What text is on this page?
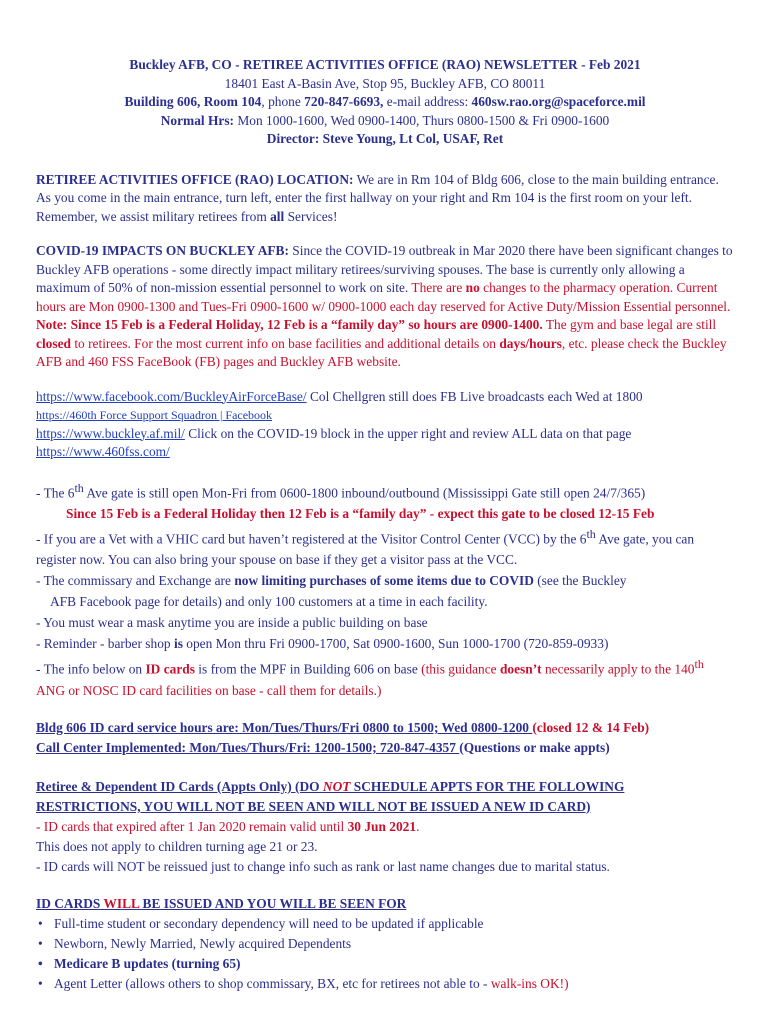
Buckley AFB, CO - RETIREE ACTIVITIES OFFICE (RAO) NEWSLETTER - Feb 2021
18401 East A-Basin Ave, Stop 95, Buckley AFB, CO 80011
Building 606, Room 104, phone 720-847-6693, e-mail address: 460sw.rao.org@spaceforce.mil
Normal Hrs: Mon 1000-1600, Wed 0900-1400, Thurs 0800-1500 & Fri 0900-1600
Director: Steve Young, Lt Col, USAF, Ret

RETIREE ACTIVITIES OFFICE (RAO) LOCATION: We are in Rm 104 of Bldg 606, close to the main building entrance. As you come in the main entrance, turn left, enter the first hallway on your right and Rm 104 is the first room on your left. Remember, we assist military retirees from all Services!

COVID-19 IMPACTS ON BUCKLEY AFB: Since the COVID-19 outbreak in Mar 2020 there have been significant changes to Buckley AFB operations - some directly impact military retirees/surviving spouses. The base is currently only allowing a maximum of 50% of non-mission essential personnel to work on site. There are no changes to the pharmacy operation. Current hours are Mon 0900-1300 and Tues-Fri 0900-1600 w/ 0900-1000 each day reserved for Active Duty/Mission Essential personnel. Note: Since 15 Feb is a Federal Holiday, 12 Feb is a “family day” so hours are 0900-1400. The gym and base legal are still closed to retirees. For the most current info on base facilities and additional details on days/hours, etc. please check the Buckley AFB and 460 FSS FaceBook (FB) pages and Buckley AFB website.

https://www.facebook.com/BuckleyAirForceBase/ Col Chellgren still does FB Live broadcasts each Wed at 1800

https://460th Force Support Squadron | Facebook

https://www.buckley.af.mil/ Click on the COVID-19 block in the upper right and review ALL data on that page

https://www.460fss.com/

- The 6th Ave gate is still open Mon-Fri from 0600-1800 inbound/outbound (Mississippi Gate still open 24/7/365)

Since 15 Feb is a Federal Holiday then 12 Feb is a “family day” - expect this gate to be closed 12-15 Feb

- If you are a Vet with a VHIC card but haven’t registered at the Visitor Control Center (VCC) by the 6th Ave gate, you can register now. You can also bring your spouse on base if they get a visitor pass at the VCC.

- The commissary and Exchange are now limiting purchases of some items due to COVID (see the Buckley

AFB Facebook page for details) and only 100 customers at a time in each facility.

- You must wear a mask anytime you are inside a public building on base

- Reminder - barber shop is open Mon thru Fri 0900-1700, Sat 0900-1600, Sun 1000-1700 (720-859-0933)

- The info below on ID cards is from the MPF in Building 606 on base (this guidance doesn’t necessarily apply to the 140th ANG or NOSC ID card facilities on base - call them for details.)

Bldg 606 ID card service hours are: Mon/Tues/Thurs/Fri 0800 to 1500; Wed 0800-1200 (closed 12 & 14 Feb)

Call Center Implemented: Mon/Tues/Thurs/Fri: 1200-1500; 720-847-4357 (Questions or make appts)

Retiree & Dependent ID Cards (Appts Only) (DO NOT SCHEDULE APPTS FOR THE FOLLOWING

RESTRICTIONS, YOU WILL NOT BE SEEN AND WILL NOT BE ISSUED A NEW ID CARD)

- ID cards that expired after 1 Jan 2020 remain valid until 30 Jun 2021.

This does not apply to children turning age 21 or 23.

- ID cards will NOT be reissued just to change info such as rank or last name changes due to marital status.

ID CARDS WILL BE ISSUED AND YOU WILL BE SEEN FOR

• Full-time student or secondary dependency will need to be updated if applicable
• Newborn, Newly Married, Newly acquired Dependents
• Medicare B updates (turning 65)
• Agent Letter (allows others to shop commissary, BX, etc for retirees not able to - walk-ins OK!)
